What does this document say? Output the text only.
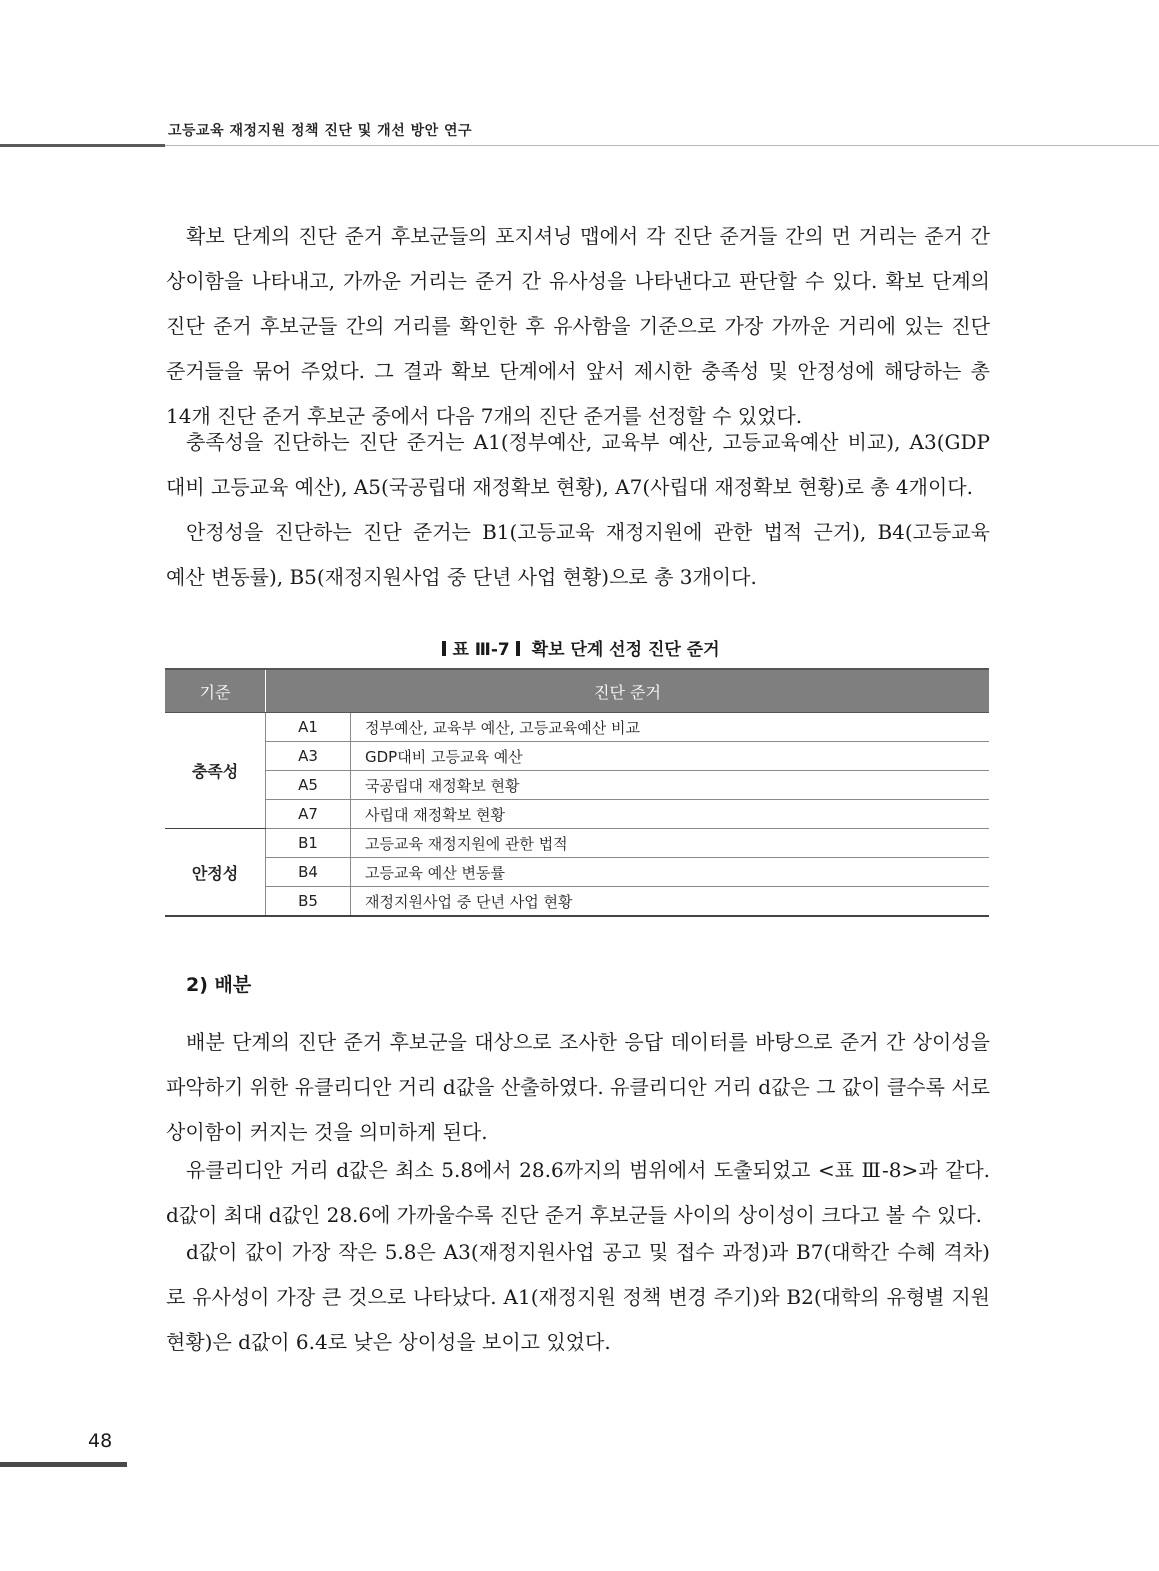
고등교육 재정지원 정책 진단 및 개선 방안 연구

확보 단계의 진단 준거 후보군들의 포지셔닝 맵에서 각 진단 준거들 간의 먼 거리는 준거 간 상이함을 나타내고, 가까운 거리는 준거 간 유사성을 나타낸다고 판단할 수 있다. 확보 단계의 진단 준거 후보군들 간의 거리를 확인한 후 유사함을 기준으로 가장 가까운 거리에 있는 진단 준거들을 묶어 주었다. 그 결과 확보 단계에서 앞서 제시한 충족성 및 안정성에 해당하는 총 14개 진단 준거 후보군 중에서 다음 7개의 진단 준거를 선정할 수 있었다.

충족성을 진단하는 진단 준거는 A1(정부예산, 교육부 예산, 고등교육예산 비교), A3(GDP 대비 고등교육 예산), A5(국공립대 재정확보 현황), A7(사립대 재정확보 현황)로 총 4개이다.

안정성을 진단하는 진단 준거는 B1(고등교육 재정지원에 관한 법적 근거), B4(고등교육 예산 변동률), B5(재정지원사업 중 단년 사업 현황)으로 총 3개이다.

표 Ⅲ-7 확보 단계 선정 진단 준거
기준	진단 준거	
충족성	A1	정부예산, 교육부 예산, 고등교육예산 비교
	A3	GDP대비 고등교육 예산
	A5	국공립대 재정확보 현황
	A7	사립대 재정확보 현황
안정성	B1	고등교육 재정지원에 관한 법적
	B4	고등교육 예산 변동률
	B5	재정지원사업 중 단년 사업 현황
2) 배분

배분 단계의 진단 준거 후보군을 대상으로 조사한 응답 데이터를 바탕으로 준거 간 상이성을 파악하기 위한 유클리디안 거리 d값을 산출하였다. 유클리디안 거리 d값은 그 값이 클수록 서로 상이함이 커지는 것을 의미하게 된다.

유클리디안 거리 d값은 최소 5.8에서 28.6까지의 범위에서 도출되었고 <표 Ⅲ-8>과 같다. d값이 최대 d값인 28.6에 가까울수록 진단 준거 후보군들 사이의 상이성이 크다고 볼 수 있다.

d값이 값이 가장 작은 5.8은 A3(재정지원사업 공고 및 접수 과정)과 B7(대학간 수혜 격차)로 유사성이 가장 큰 것으로 나타났다. A1(재정지원 정책 변경 주기)와 B2(대학의 유형별 지원 현황)은 d값이 6.4로 낮은 상이성을 보이고 있었다.

48
